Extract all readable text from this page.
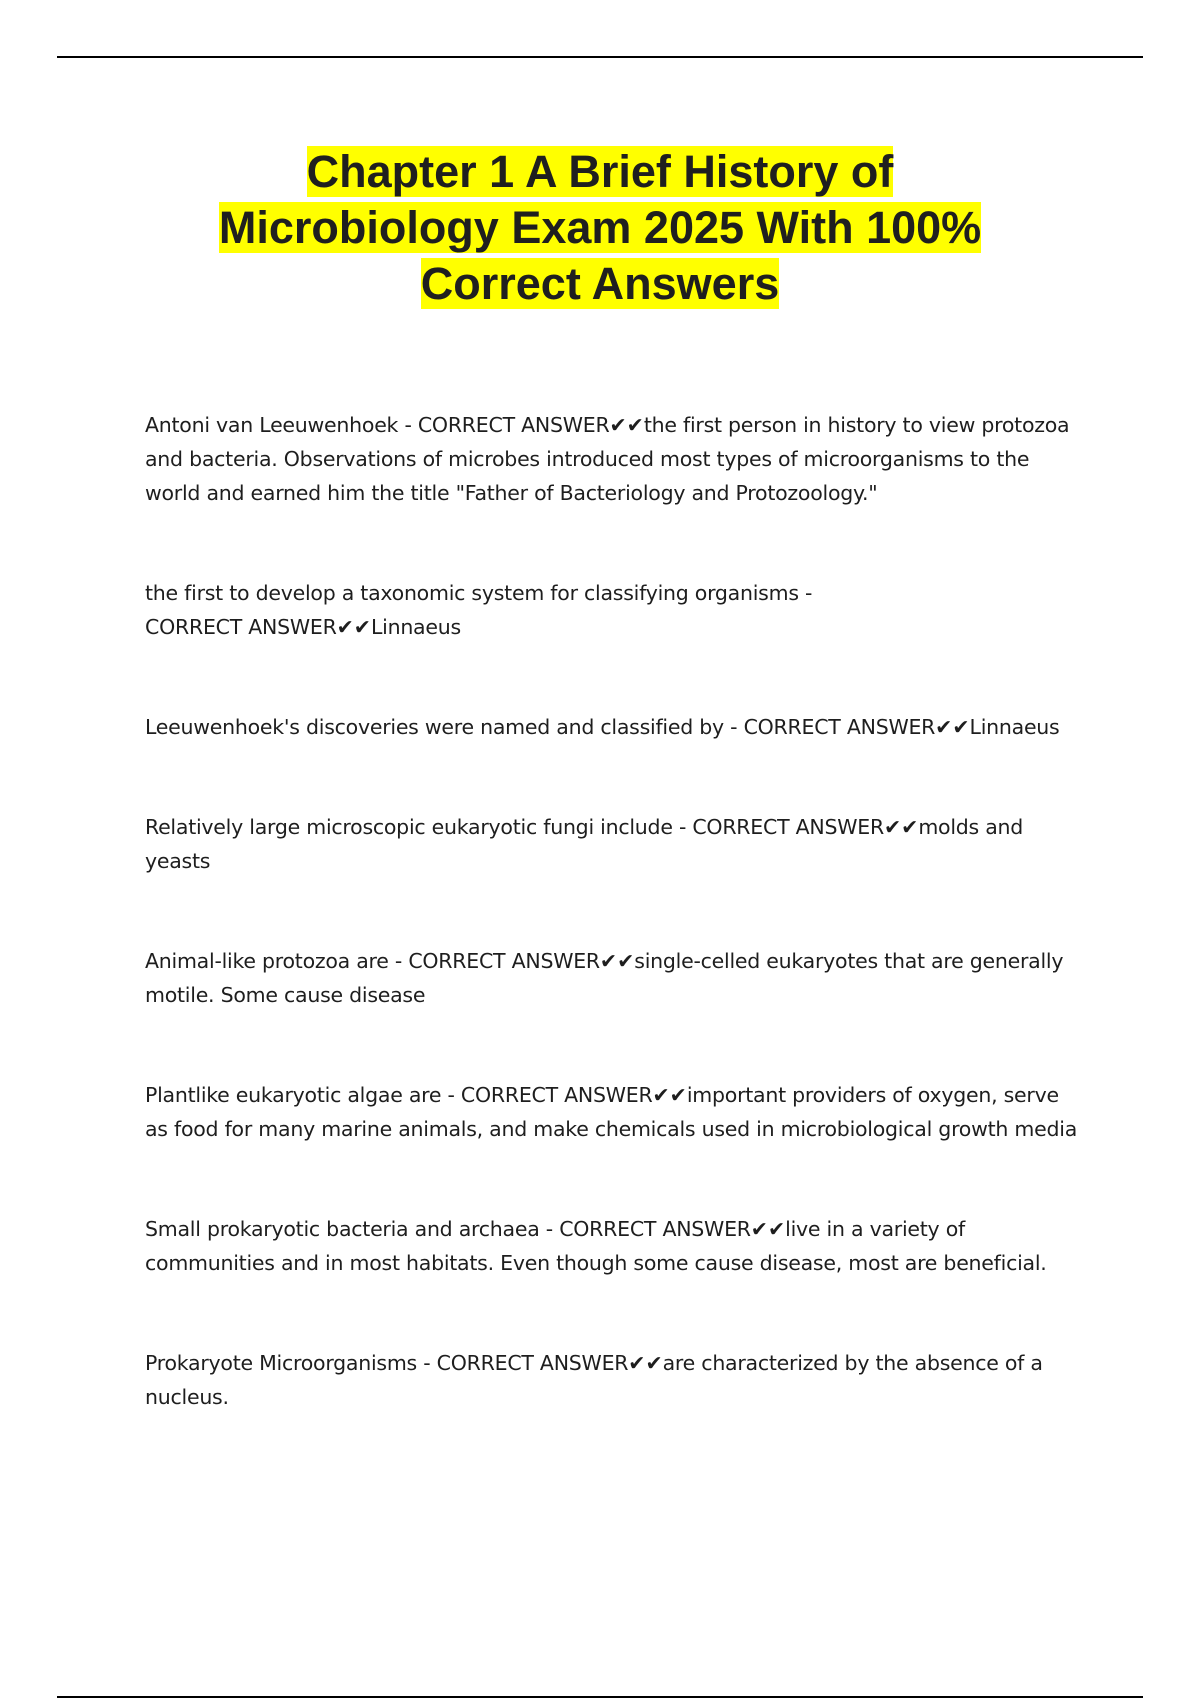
Chapter 1 A Brief History of
Microbiology Exam 2025 With 100%
Correct Answers

Antoni van Leeuwenhoek - CORRECT ANSWER✔✔the first person in history to view protozoa and bacteria. Observations of microbes introduced most types of microorganisms to the world and earned him the title "Father of Bacteriology and Protozoology."

the first to develop a taxonomic system for classifying organisms - CORRECT ANSWER✔✔Linnaeus

Leeuwenhoek's discoveries were named and classified by - CORRECT ANSWER✔✔Linnaeus

Relatively large microscopic eukaryotic fungi include - CORRECT ANSWER✔✔molds and yeasts

Animal-like protozoa are - CORRECT ANSWER✔✔single-celled eukaryotes that are generally motile. Some cause disease

Plantlike eukaryotic algae are - CORRECT ANSWER✔✔important providers of oxygen, serve as food for many marine animals, and make chemicals used in microbiological growth media

Small prokaryotic bacteria and archaea - CORRECT ANSWER✔✔live in a variety of communities and in most habitats. Even though some cause disease, most are beneficial.

Prokaryote Microorganisms - CORRECT ANSWER✔✔are characterized by the absence of a nucleus.
